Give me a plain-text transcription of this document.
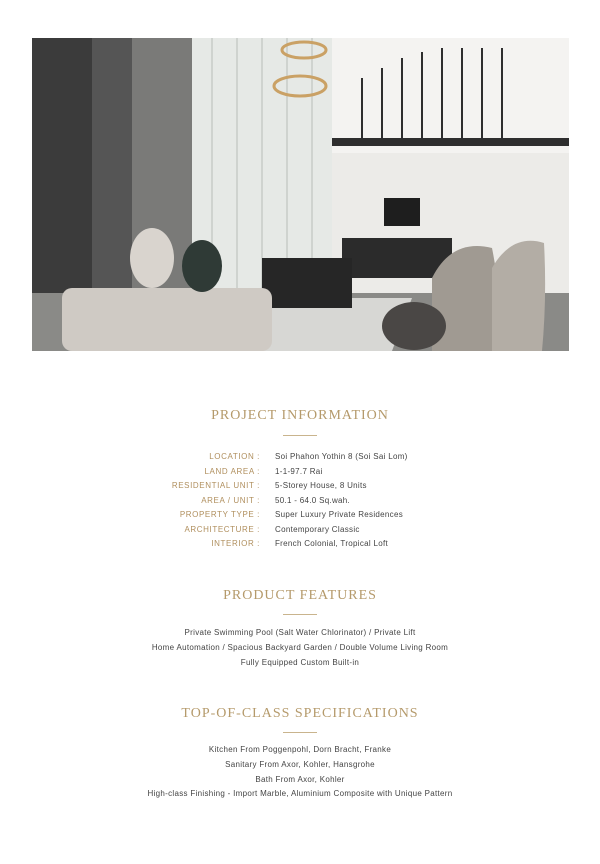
PROJECT INFORMATION
LOCATION : Soi Phahon Yothin 8 (Soi Sai Lom)
LAND AREA : 1-1-97.7 Rai
RESIDENTIAL UNIT : 5-Storey House, 8 Units
AREA / UNIT : 50.1 - 64.0 Sq.wah.
PROPERTY TYPE : Super Luxury Private Residences
ARCHITECTURE : Contemporary Classic
INTERIOR : French Colonial, Tropical Loft
PRODUCT FEATURES
Private Swimming Pool (Salt Water Chlorinator) / Private Lift
Home Automation / Spacious Backyard Garden / Double Volume Living Room
Fully Equipped Custom Built-in
TOP-OF-CLASS SPECIFICATIONS
Kitchen From Poggenpohl, Dorn Bracht, Franke
Sanitary From Axor, Kohler, Hansgrohe
Bath From Axor, Kohler
High-class Finishing - Import Marble, Aluminium Composite with Unique Pattern
